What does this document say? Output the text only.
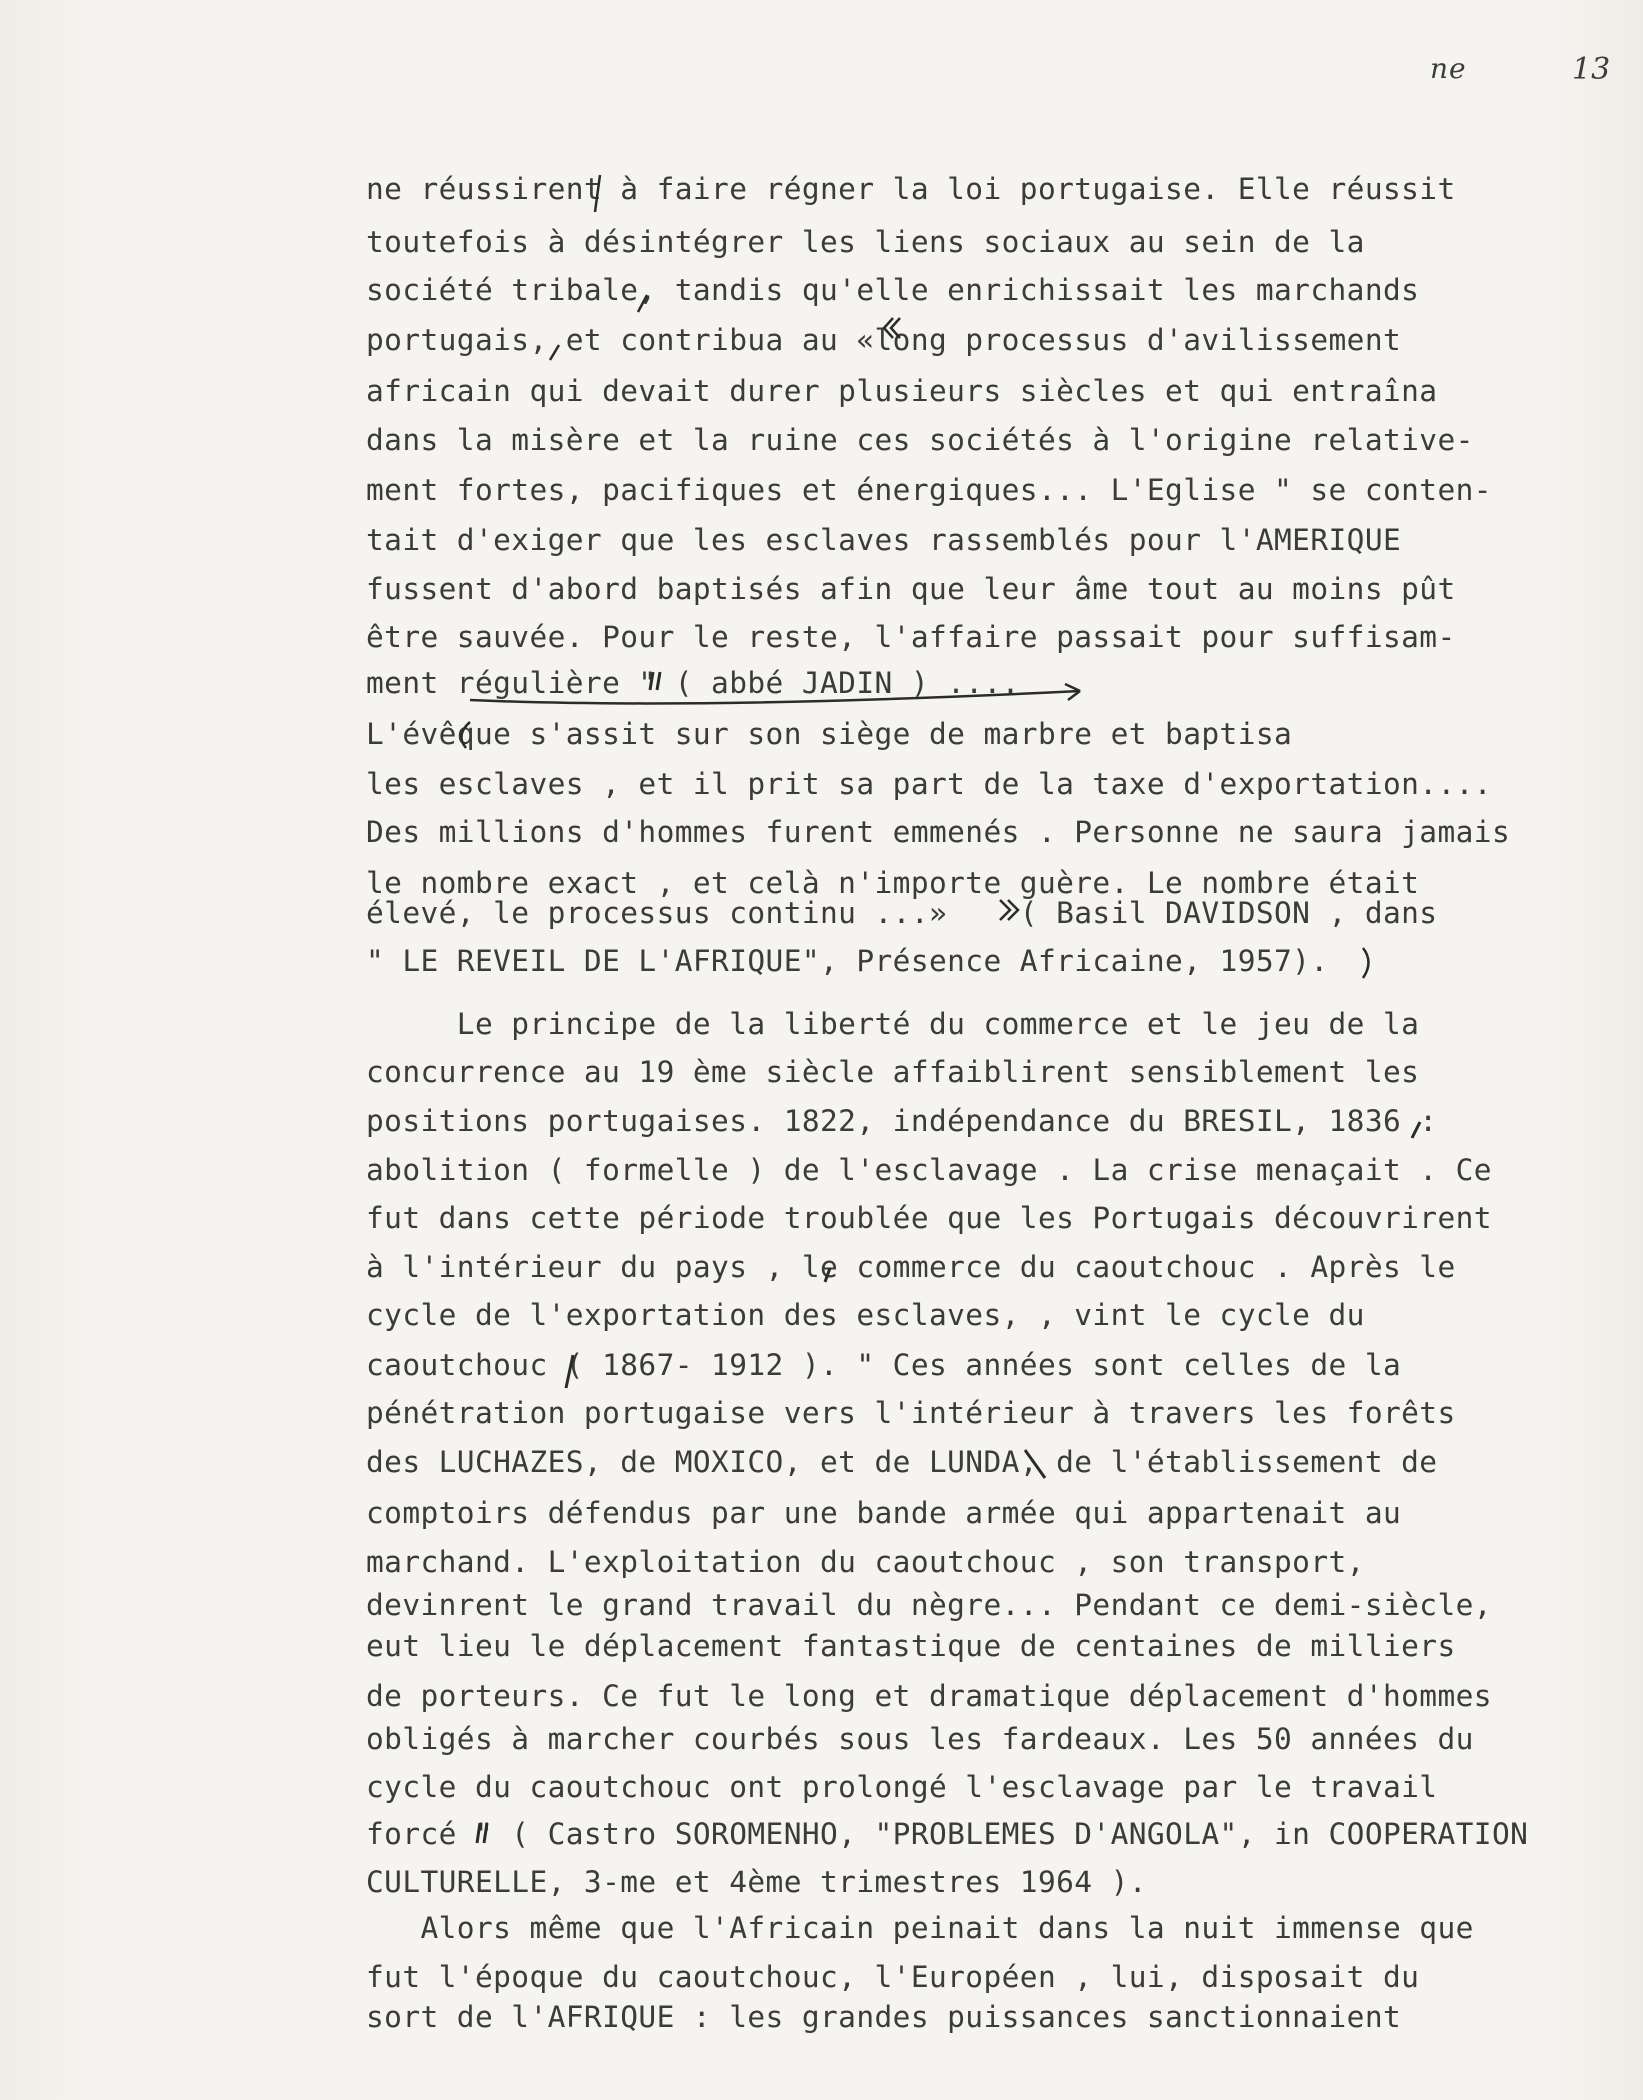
ne	13
ne réussirent à faire régner la loi portugaise. Elle réussit
toutefois à désintégrer les liens sociaux au sein de la
société tribale, tandis qu'elle enrichissait les marchands
portugais, et contribua au «long processus d'avilissement
africain qui devait durer plusieurs siècles et qui entraîna
dans la misère et la ruine ces sociétés à l'origine relative-
ment fortes, pacifiques et énergiques... L'Eglise " se conten-
tait d'exiger que les esclaves rassemblés pour l'AMERIQUE
fussent d'abord baptisés afin que leur âme tout au moins pût
être sauvée. Pour le reste, l'affaire passait pour suffisam-
ment régulière " ( abbé JADIN ) ....
L'évêque s'assit sur son siège de marbre et baptisa
les esclaves , et il prit sa part de la taxe d'exportation....
Des millions d'hommes furent emmenés . Personne ne saura jamais
le nombre exact , et celà n'importe guère. Le nombre était
élevé, le processus continu ...»    ( Basil DAVIDSON , dans
" LE REVEIL DE L'AFRIQUE", Présence Africaine, 1957).
Le principe de la liberté du commerce et le jeu de la
concurrence au 19 ème siècle affaiblirent sensiblement les
positions portugaises. 1822, indépendance du BRESIL, 1836 :
abolition ( formelle ) de l'esclavage . La crise menaçait . Ce
fut dans cette période troublée que les Portugais découvrirent
à l'intérieur du pays , le commerce du caoutchouc . Après le
cycle de l'exportation des esclaves, , vint le cycle du
caoutchouc ( 1867- 1912 ). " Ces années sont celles de la
pénétration portugaise vers l'intérieur à travers les forêts
des LUCHAZES, de MOXICO, et de LUNDA, de l'établissement de
comptoirs défendus par une bande armée qui appartenait au
marchand. L'exploitation du caoutchouc , son transport,
devinrent le grand travail du nègre... Pendant ce demi-siècle,
eut lieu le déplacement fantastique de centaines de milliers
de porteurs. Ce fut le long et dramatique déplacement d'hommes
obligés à marcher courbés sous les fardeaux. Les 50 années du
cycle du caoutchouc ont prolongé l'esclavage par le travail
forcé " ( Castro SOROMENHO, "PROBLEMES D'ANGOLA", in COOPERATION
CULTURELLE, 3-me et 4ème trimestres 1964 ).
Alors même que l'Africain peinait dans la nuit immense que
fut l'époque du caoutchouc, l'Européen , lui, disposait du
sort de l'AFRIQUE : les grandes puissances sanctionnaient
